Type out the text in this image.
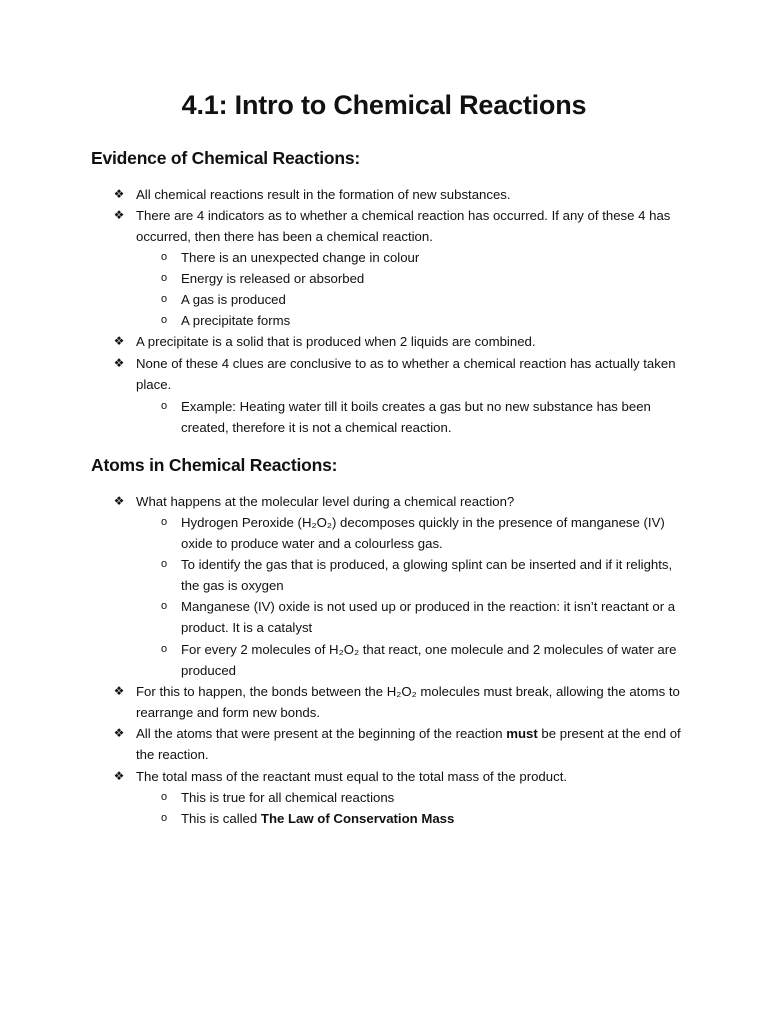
4.1: Intro to Chemical Reactions
Evidence of Chemical Reactions:
❖ All chemical reactions result in the formation of new substances.
❖ There are 4 indicators as to whether a chemical reaction has occurred. If any of these 4 has occurred, then there has been a chemical reaction.
o There is an unexpected change in colour
o Energy is released or absorbed
o A gas is produced
o A precipitate forms
❖ A precipitate is a solid that is produced when 2 liquids are combined.
❖ None of these 4 clues are conclusive to as to whether a chemical reaction has actually taken place.
o Example: Heating water till it boils creates a gas but no new substance has been created, therefore it is not a chemical reaction.
Atoms in Chemical Reactions:
❖ What happens at the molecular level during a chemical reaction?
o Hydrogen Peroxide (H₂O₂) decomposes quickly in the presence of manganese (IV) oxide to produce water and a colourless gas.
o To identify the gas that is produced, a glowing splint can be inserted and if it relights, the gas is oxygen
o Manganese (IV) oxide is not used up or produced in the reaction: it isn’t reactant or a product. It is a catalyst
o For every 2 molecules of H₂O₂ that react, one molecule and 2 molecules of water are produced
❖ For this to happen, the bonds between the H₂O₂ molecules must break, allowing the atoms to rearrange and form new bonds.
❖ All the atoms that were present at the beginning of the reaction must be present at the end of the reaction.
❖ The total mass of the reactant must equal to the total mass of the product.
o This is true for all chemical reactions
o This is called The Law of Conservation Mass
